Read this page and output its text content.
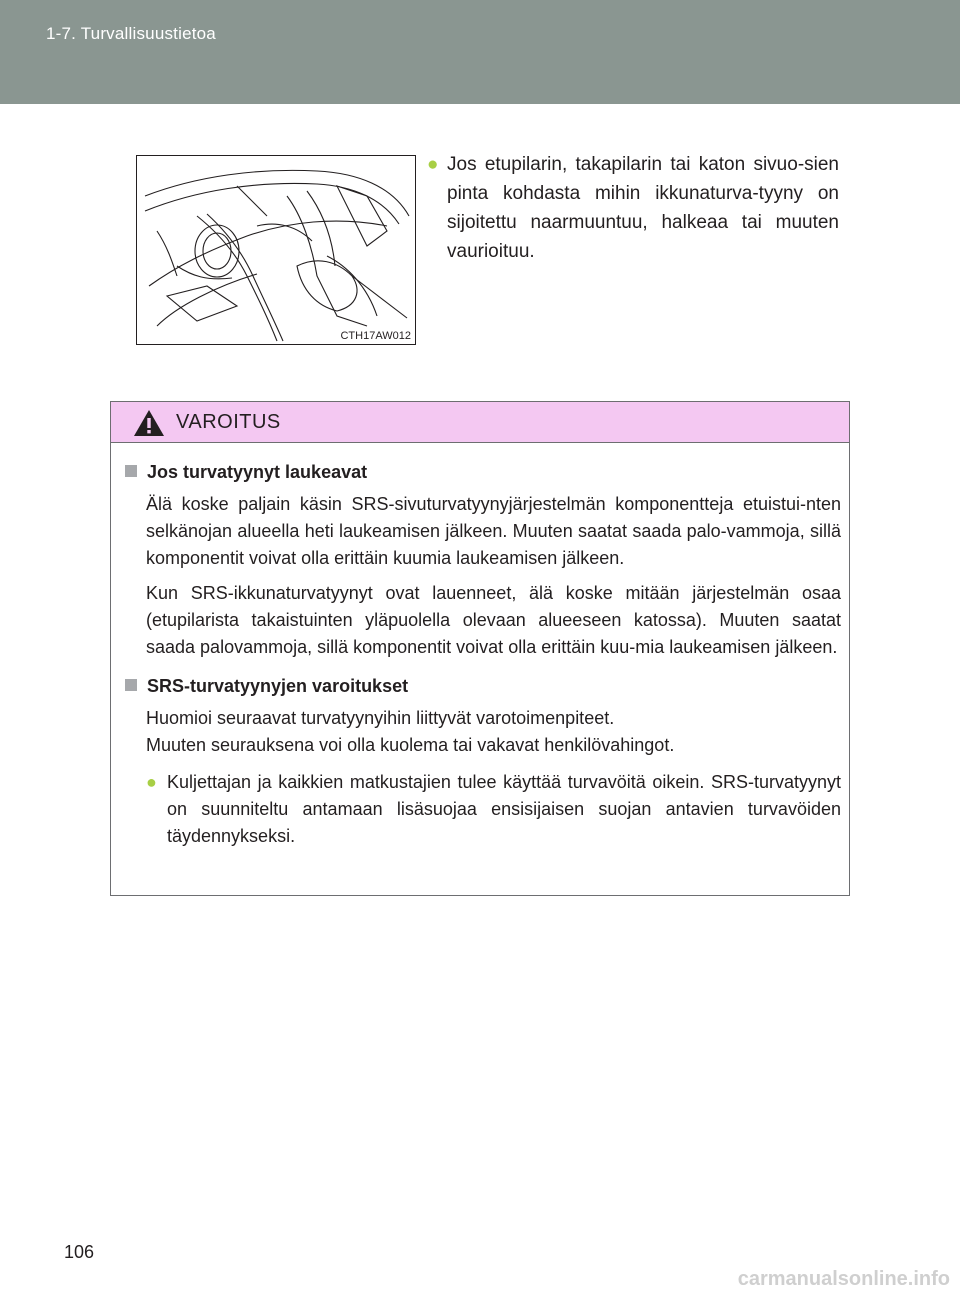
1-7. Turvallisuustietoa
CTH17AW012
● Jos etupilarin, takapilarin tai katon sivuo-sien pinta kohdasta mihin ikkunaturva-tyyny on sijoitettu naarmuuntuu, halkeaa tai muuten vaurioituu.
VAROITUS
Jos turvatyynyt laukeavat
Älä koske paljain käsin SRS-sivuturvatyynyjärjestelmän komponentteja etuistui-nten selkänojan alueella heti laukeamisen jälkeen. Muuten saatat saada palo-vammoja, sillä komponentit voivat olla erittäin kuumia laukeamisen jälkeen.
Kun SRS-ikkunaturvatyynyt ovat lauenneet, älä koske mitään järjestelmän osaa (etupilarista takaistuinten yläpuolella olevaan alueeseen katossa). Muuten saatat saada palovammoja, sillä komponentit voivat olla erittäin kuu-mia laukeamisen jälkeen.
SRS-turvatyynyjen varoitukset
Huomioi seuraavat turvatyynyihin liittyvät varotoimenpiteet.
Muuten seurauksena voi olla kuolema tai vakavat henkilövahingot.
● Kuljettajan ja kaikkien matkustajien tulee käyttää turvavöitä oikein. SRS-turvatyynyt on suunniteltu antamaan lisäsuojaa ensisijaisen suojan antavien turvavöiden täydennykseksi.
106
carmanualsonline.info
